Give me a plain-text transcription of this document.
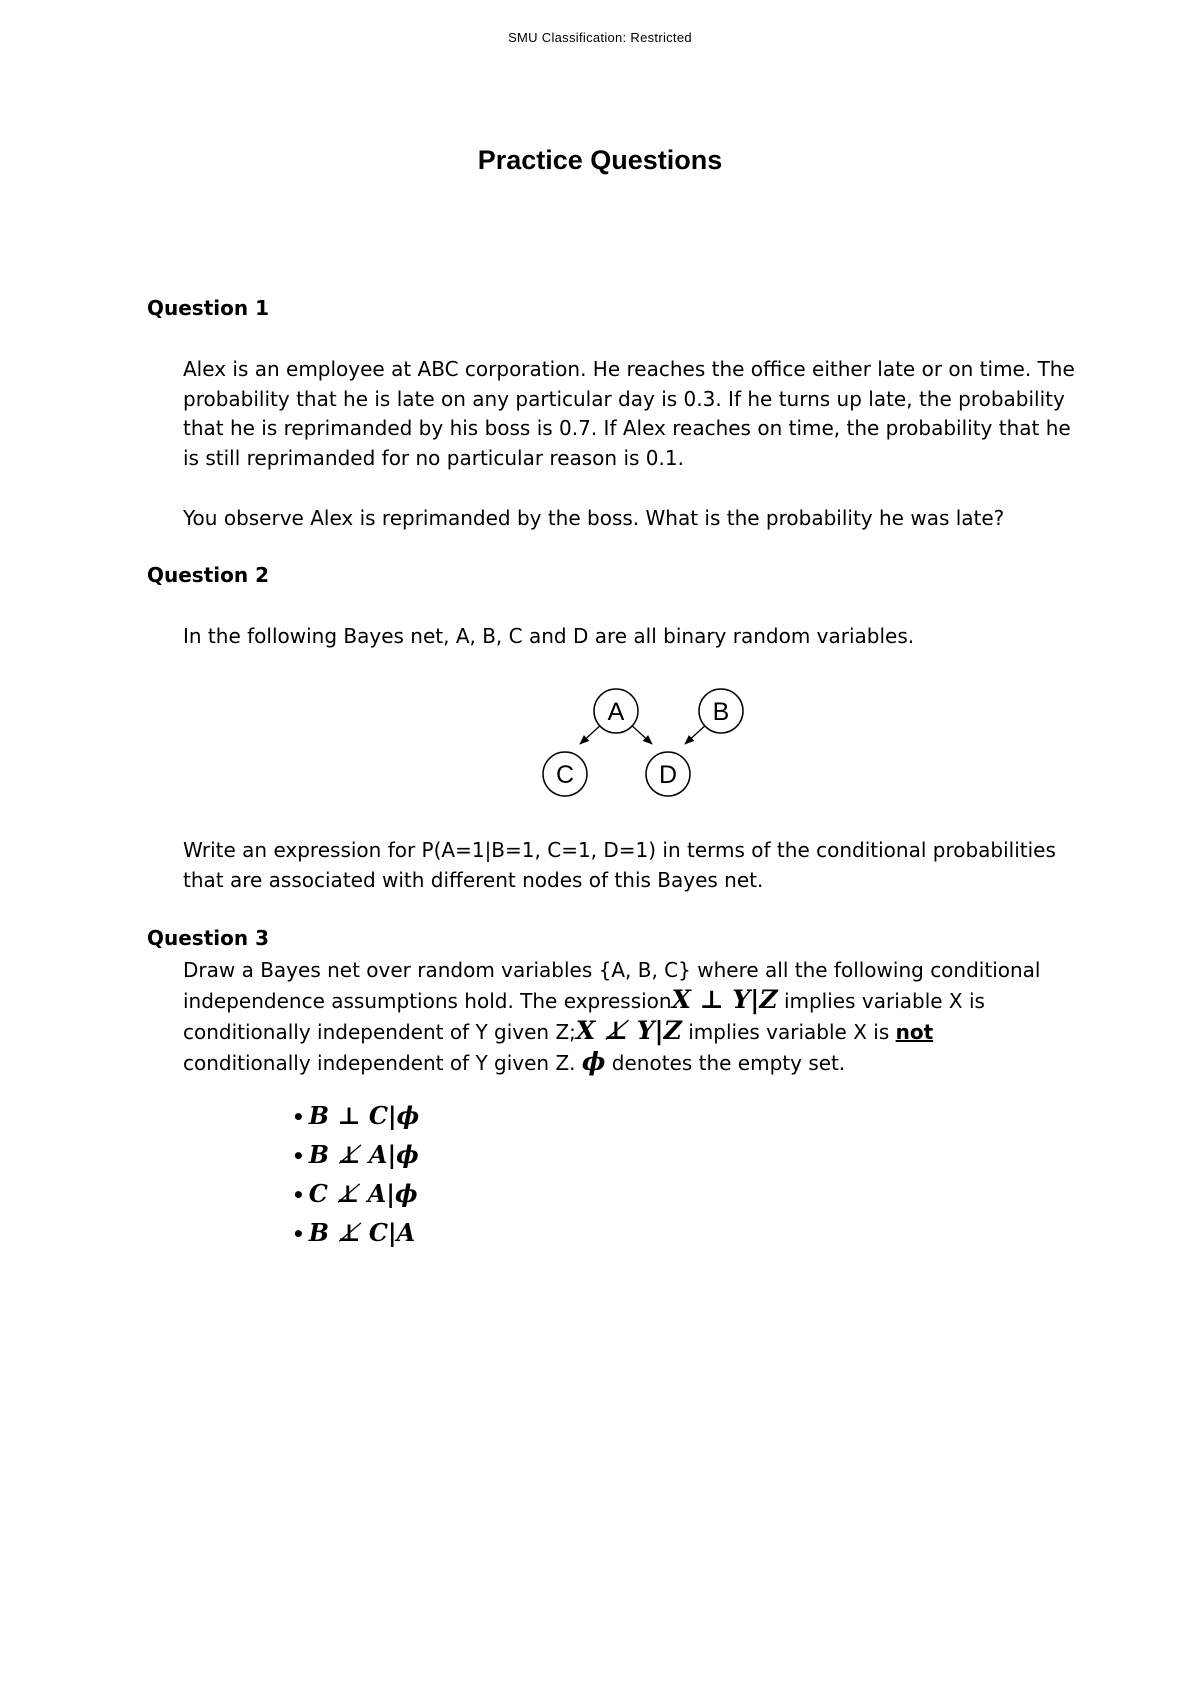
SMU Classification: Restricted
Practice Questions
Question 1
Alex is an employee at ABC corporation. He reaches the office either late or on time. The
probability that he is late on any particular day is 0.3. If he turns up late, the probability
that he is reprimanded by his boss is 0.7. If Alex reaches on time, the probability that he
is still reprimanded for no particular reason is 0.1.
You observe Alex is reprimanded by the boss. What is the probability he was late?
Question 2
In the following Bayes net, A, B, C and D are all binary random variables.
A	B
C	D
Write an expression for P(A=1|B=1, C=1, D=1) in terms of the conditional probabilities
that are associated with different nodes of this Bayes net.
Question 3
Draw a Bayes net over random variables {A, B, C} where all the following conditional
independence assumptions hold. The expressionX ⊥ Y|Z implies variable X is
conditionally independent of Y given Z;X ⊥̸ Y|Z implies variable X is not
conditionally independent of Y given Z. ϕ denotes the empty set.
• B ⊥ C|ϕ
• B ⊥̸ A|ϕ
• C ⊥̸ A|ϕ
• B ⊥̸ C|A
